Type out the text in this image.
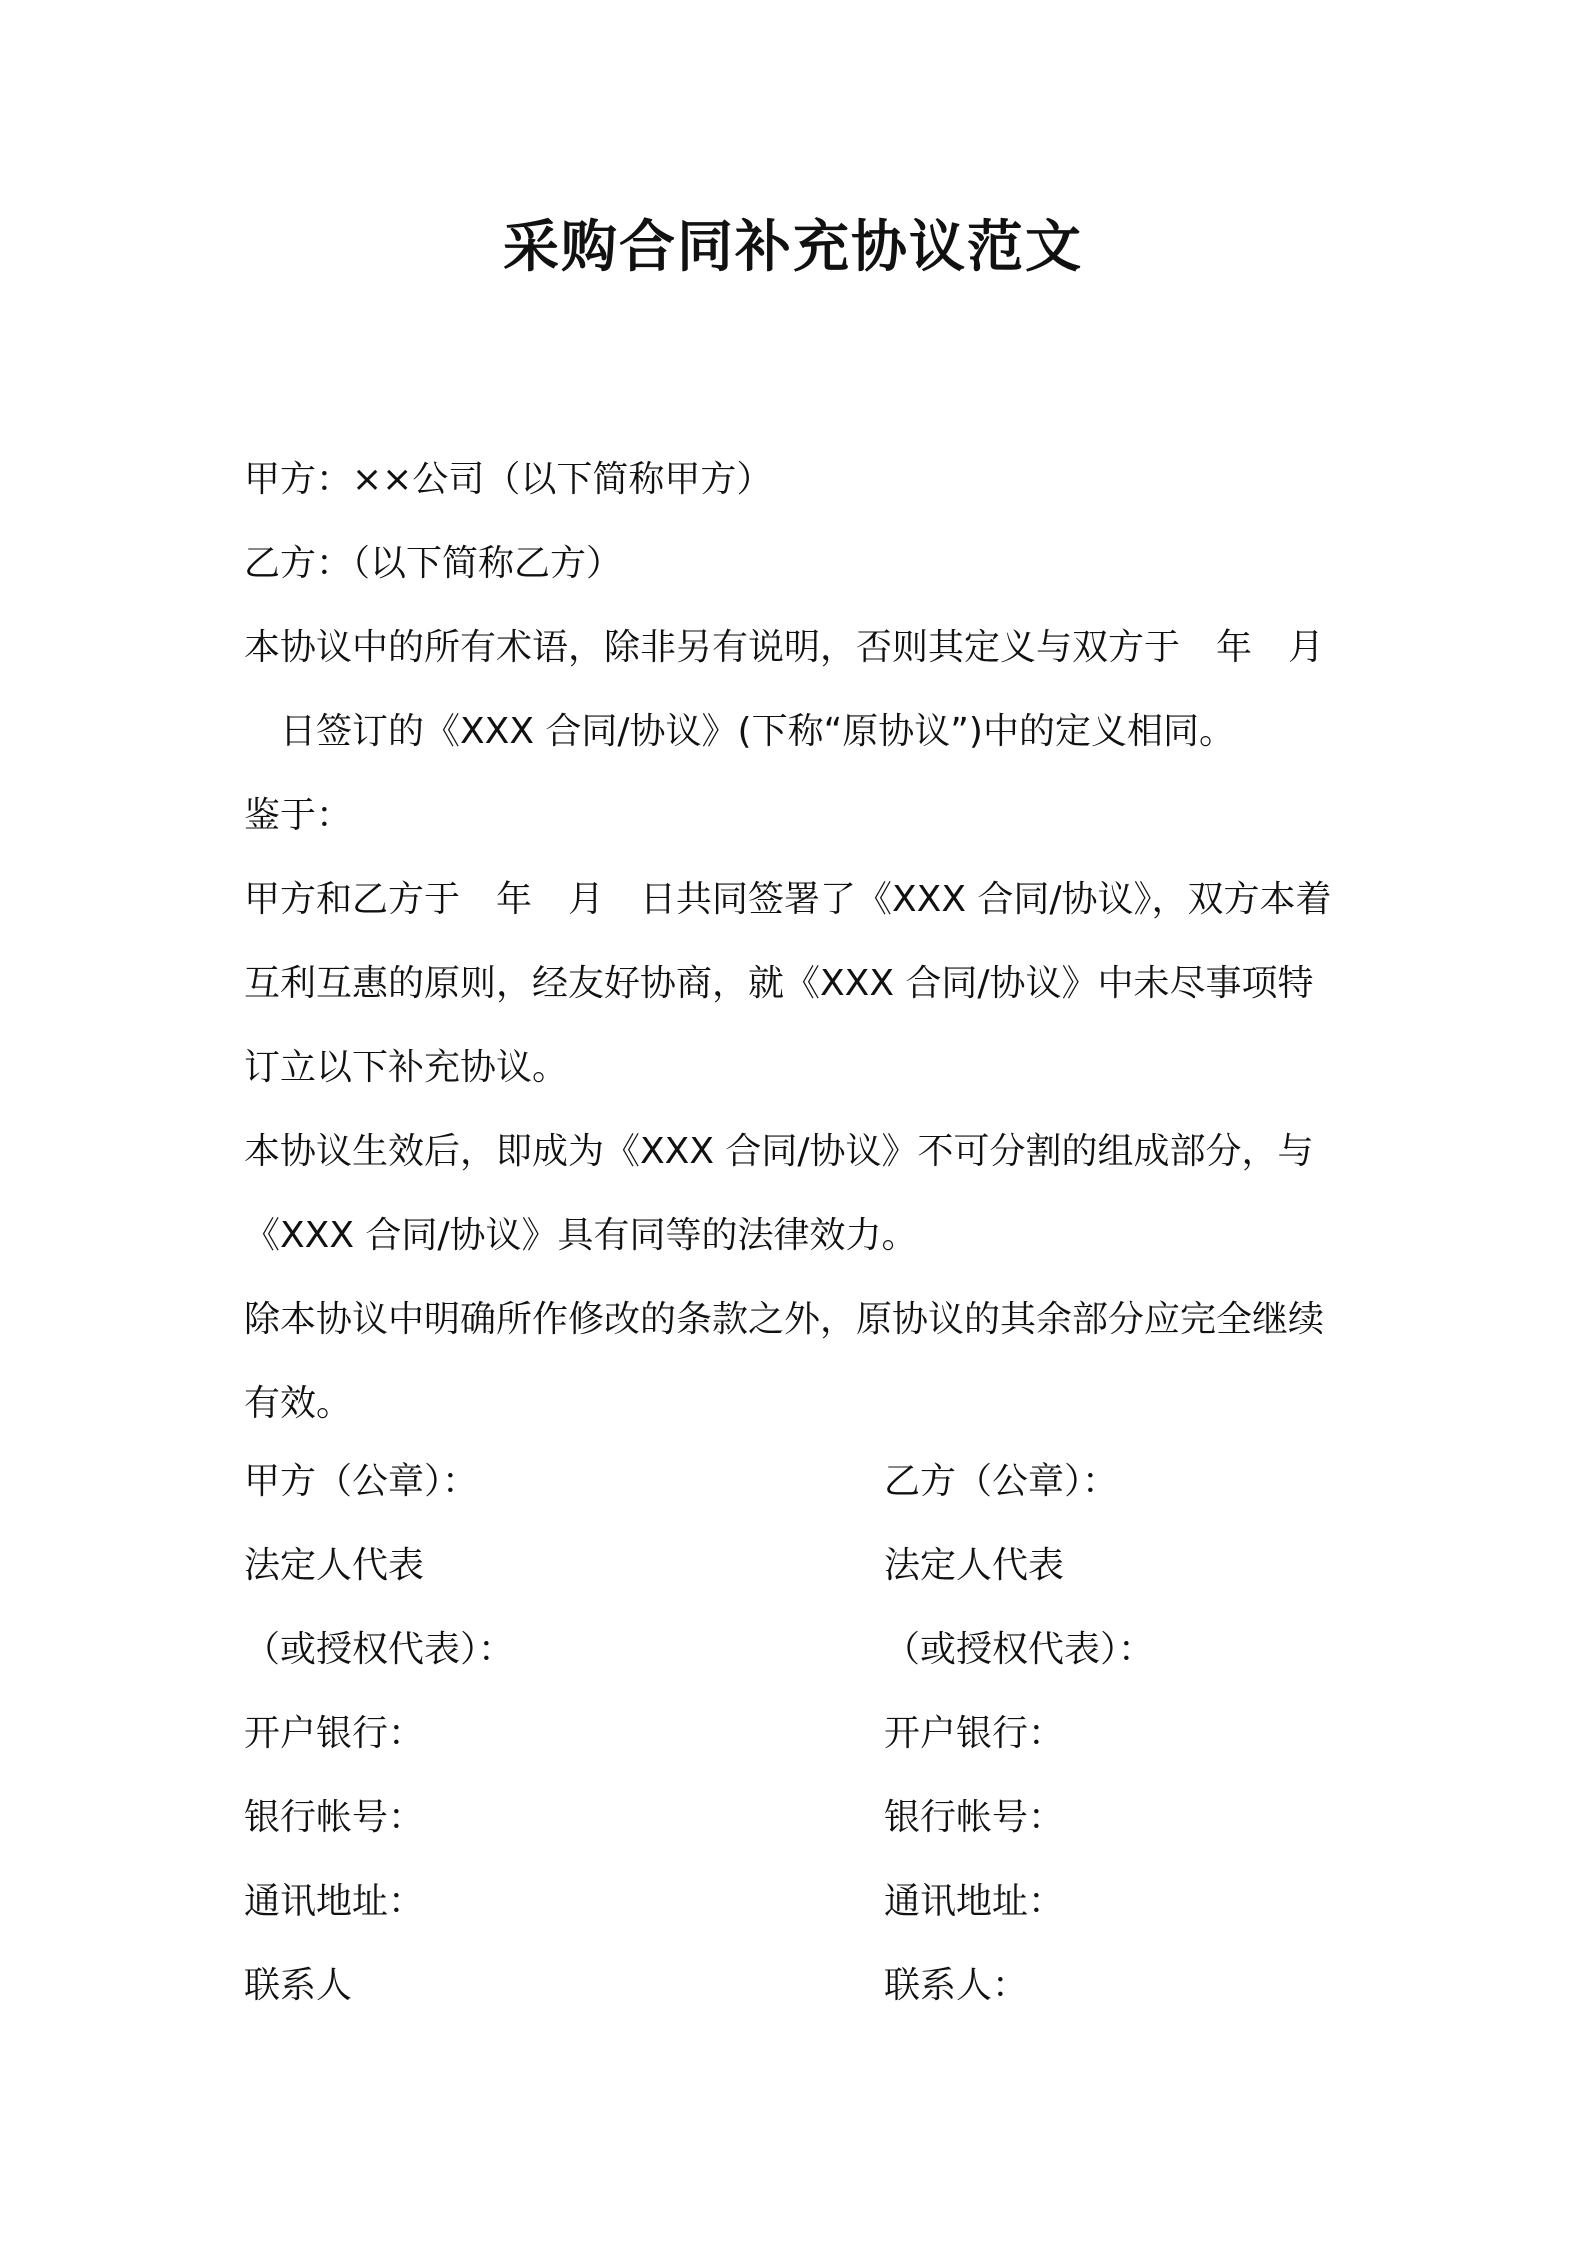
采购合同补充协议范文
甲方：××公司（以下简称甲方）
乙方：（以下简称乙方）
本协议中的所有术语，除非另有说明，否则其定义与双方于　年　月
日签订的《XXX 合同/协议》(下称“原协议”)中的定义相同。
鉴于：
甲方和乙方于　年　月　日共同签署了《XXX 合同/协议》，双方本着
互利互惠的原则，经友好协商，就《XXX 合同/协议》中未尽事项特
订立以下补充协议。
本协议生效后，即成为《XXX 合同/协议》不可分割的组成部分，与
《XXX 合同/协议》具有同等的法律效力。
除本协议中明确所作修改的条款之外，原协议的其余部分应完全继续
有效。
甲方（公章）：
法定人代表
（或授权代表）：
开户银行：
银行帐号：
通讯地址：
联系人
乙方（公章）：
法定人代表
（或授权代表）：
开户银行：
银行帐号：
通讯地址：
联系人：
